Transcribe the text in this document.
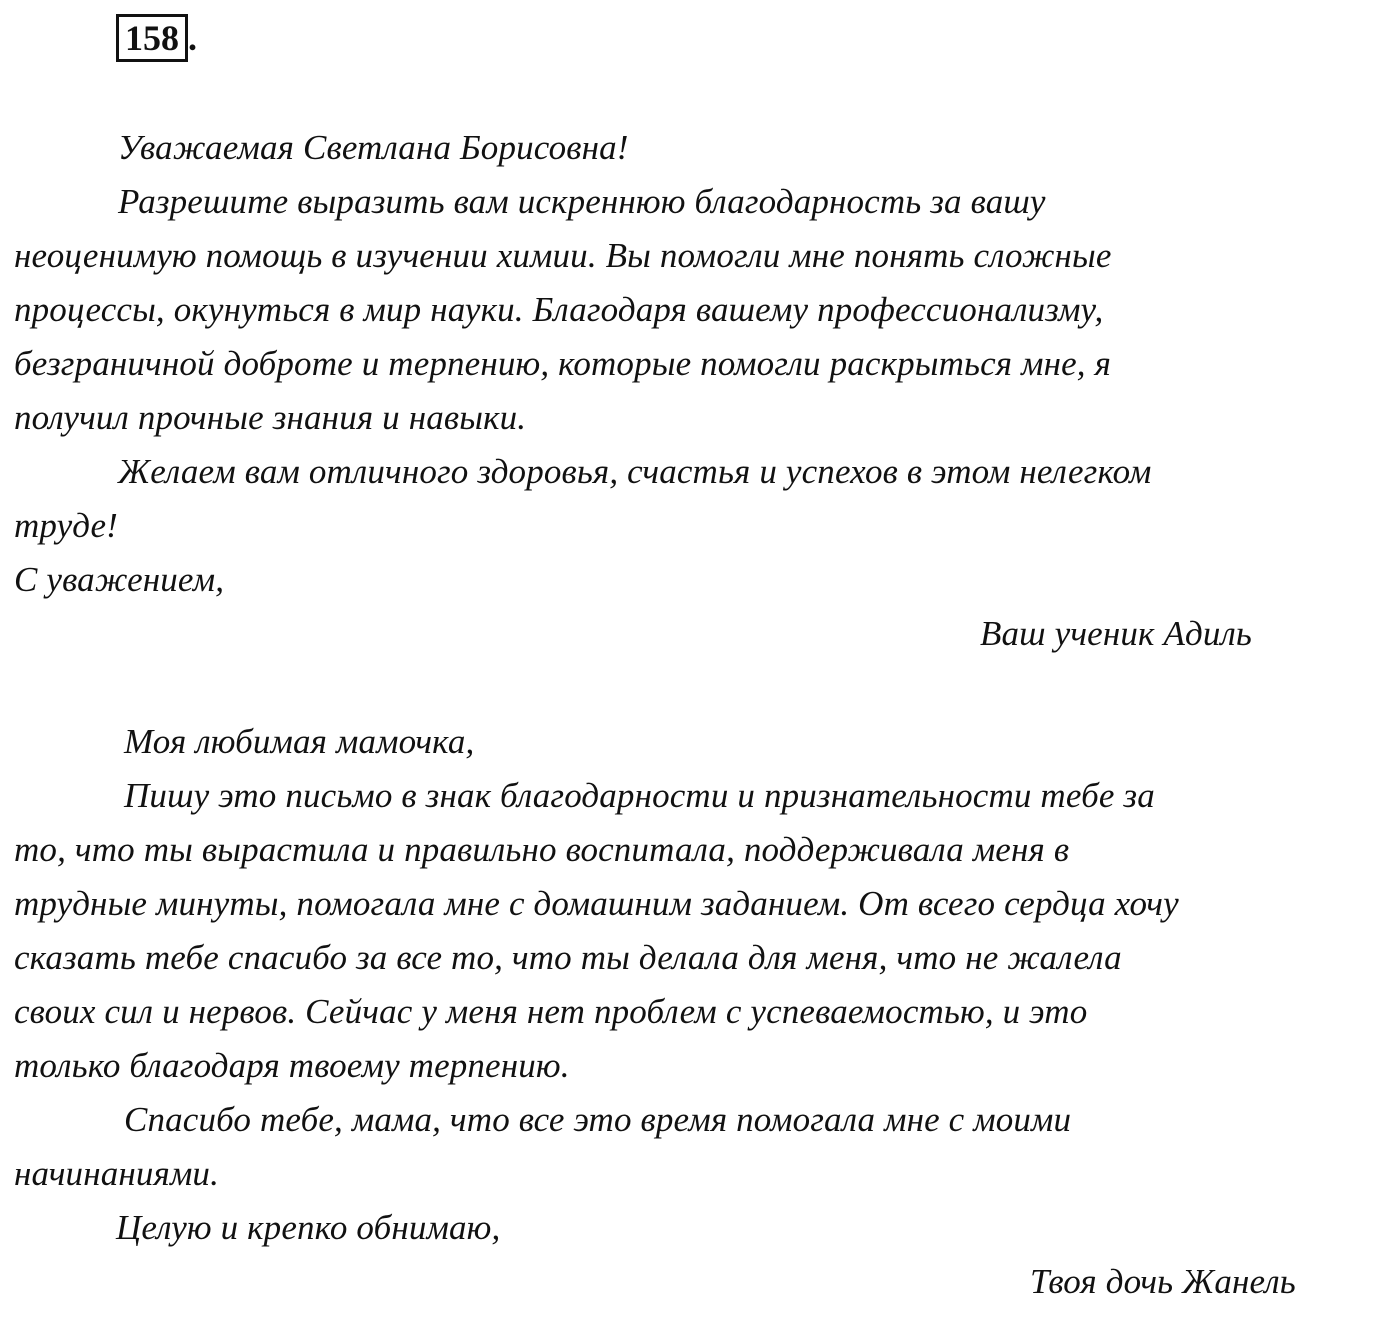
158 .
Уважаемая Светлана Борисовна!
Разрешите выразить вам искреннюю благодарность за вашу
неоценимую помощь в изучении химии. Вы помогли мне понять сложные
процессы, окунуться в мир науки. Благодаря вашему профессионализму,
безграничной доброте и терпению, которые помогли раскрыться мне, я
получил прочные знания и навыки.
Желаем вам отличного здоровья, счастья и успехов в этом нелегком
труде!
С уважением,
Ваш ученик Адиль
Моя любимая мамочка,
Пишу это письмо в знак благодарности и признательности тебе за
то, что ты вырастила и правильно воспитала, поддерживала меня в
трудные минуты, помогала мне с домашним заданием. От всего сердца хочу
сказать тебе спасибо за все то, что ты делала для меня, что не жалела
своих сил и нервов. Сейчас у меня нет проблем с успеваемостью, и это
только благодаря твоему терпению.
Спасибо тебе, мама, что все это время помогала мне с моими
начинаниями.
Целую и крепко обнимаю,
Твоя дочь Жанель
